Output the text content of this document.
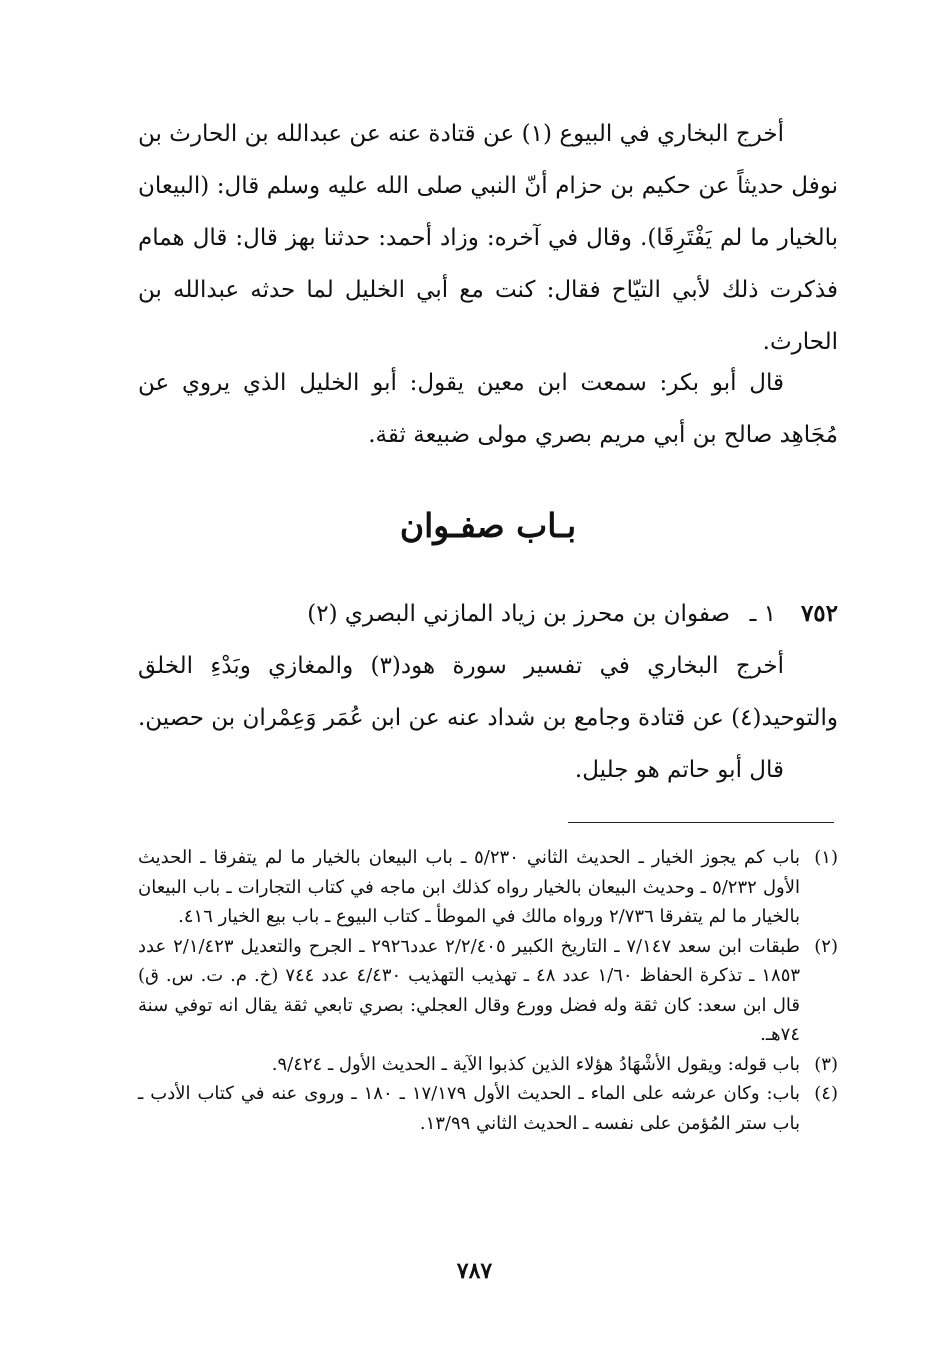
أخرج البخاري في البيوع (١) عن قتادة عنه عن عبدالله بن الحارث بن نوفل حديثاً عن حكيم بن حزام أنّ النبي صلى الله عليه وسلم قال: (البيعان بالخيار ما لم يَفْتَرِقَا). وقال في آخره: وزاد أحمد: حدثنا بهز قال: قال همام فذكرت ذلك لأبي التيّاح فقال: كنت مع أبي الخليل لما حدثه عبدالله بن الحارث.

قال أبو بكر: سمعت ابن معين يقول: أبو الخليل الذي يروي عن مُجَاهِد صالح بن أبي مريم بصري مولى ضبيعة ثقة.

بـاب صفـوان

٧٥٢١ ـصفوان بن محرز بن زياد المازني البصري (٢)

أخرج البخاري في تفسير سورة هود(٣) والمغازي وبَدْءِ الخلق والتوحيد(٤) عن قتادة وجامع بن شداد عنه عن ابن عُمَر وَعِمْران بن حصين.

قال أبو حاتم هو جليل.

(١)
باب كم يجوز الخيار ـ الحديث الثاني ٥/٢٣٠ ـ باب البيعان بالخيار ما لم يتفرقا ـ الحديث الأول ٥/٢٣٢ ـ وحديث البيعان بالخيار رواه كذلك ابن ماجه في كتاب التجارات ـ باب البيعان بالخيار ما لم يتفرقا ٢/٧٣٦ ورواه مالك في الموطأ ـ كتاب البيوع ـ باب بيع الخيار ٤١٦.
(٢)
طبقات ابن سعد ٧/١٤٧ ـ التاريخ الكبير ٢/٢/٤٠٥ عدد٢٩٢٦ ـ الجرح والتعديل ٢/١/٤٢٣ عدد ١٨٥٣ ـ تذكرة الحفاظ ١/٦٠ عدد ٤٨ ـ تهذيب التهذيب ٤/٤٣٠ عدد ٧٤٤ (خ. م. ت. س. ق) قال ابن سعد: كان ثقة وله فضل وورع وقال العجلي: بصري تابعي ثقة يقال انه توفي سنة ٧٤هـ.
(٣)
باب قوله: ويقول الأشْهَادُ هؤلاء الذين كذبوا الآية ـ الحديث الأول ـ ٩/٤٢٤.
(٤)
باب: وكان عرشه على الماء ـ الحديث الأول ١٧/١٧٩ ـ ١٨٠ ـ وروى عنه في كتاب الأدب ـ باب ستر المُؤمن على نفسه ـ الحديث الثاني ١٣/٩٩.
٧٨٧
